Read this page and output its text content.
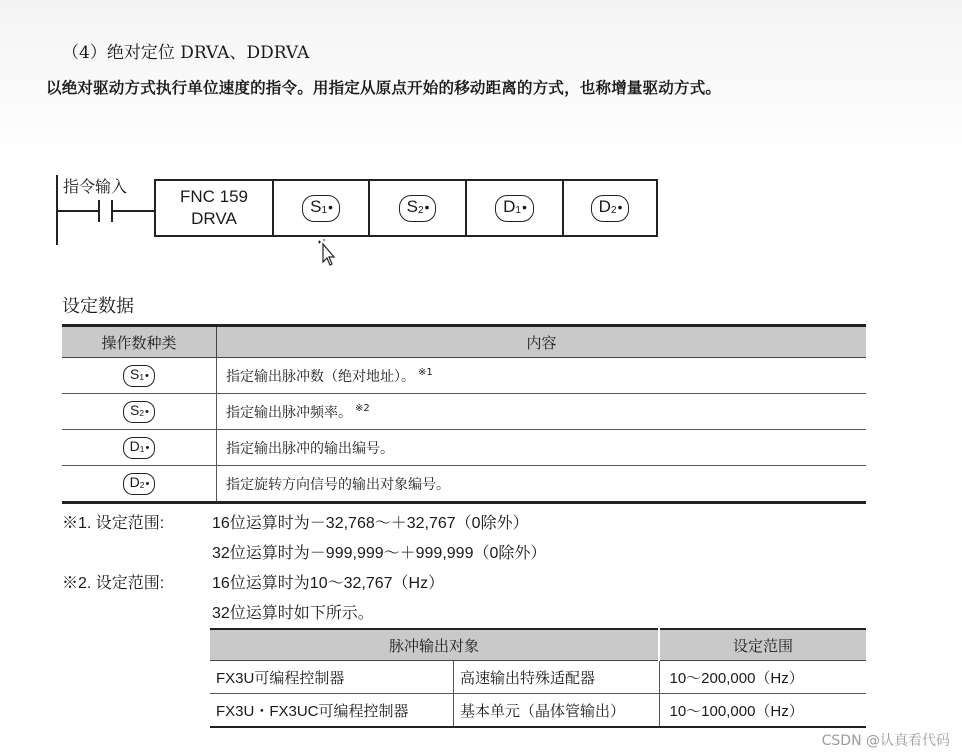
（4）绝对定位 DRVA、DDRVA
以绝对驱动方式执行单位速度的指令。用指定从原点开始的移动距离的方式，也称增量驱动方式。
指令输入
FNC 159
DRVA
$S_1•$	$S_2•$	$D_1•$	$D_2•$
设定数据
操作数种类	内容
$S_1•$	指定输出脉冲数（绝对地址）。 $^{※1}$
$S_2•$	指定输出脉冲频率。 $^{※2}$
$D_1•$	指定输出脉冲的输出编号。
$D_2•$	指定旋转方向信号的输出对象编号。
※1. 设定范围:	16位运算时为－32,768～＋32,767（0除外）
32位运算时为－999,999～＋999,999（0除外）
※2. 设定范围:	16位运算时为10～32,767（Hz）
32位运算时如下所示。
脉冲输出对象		设定范围
FX3U可编程控制器	高速输出特殊适配器	10～200,000（Hz）
FX3U・FX3UC可编程控制器	基本单元（晶体管输出）	10～100,000（Hz）
CSDN @认真看代码
